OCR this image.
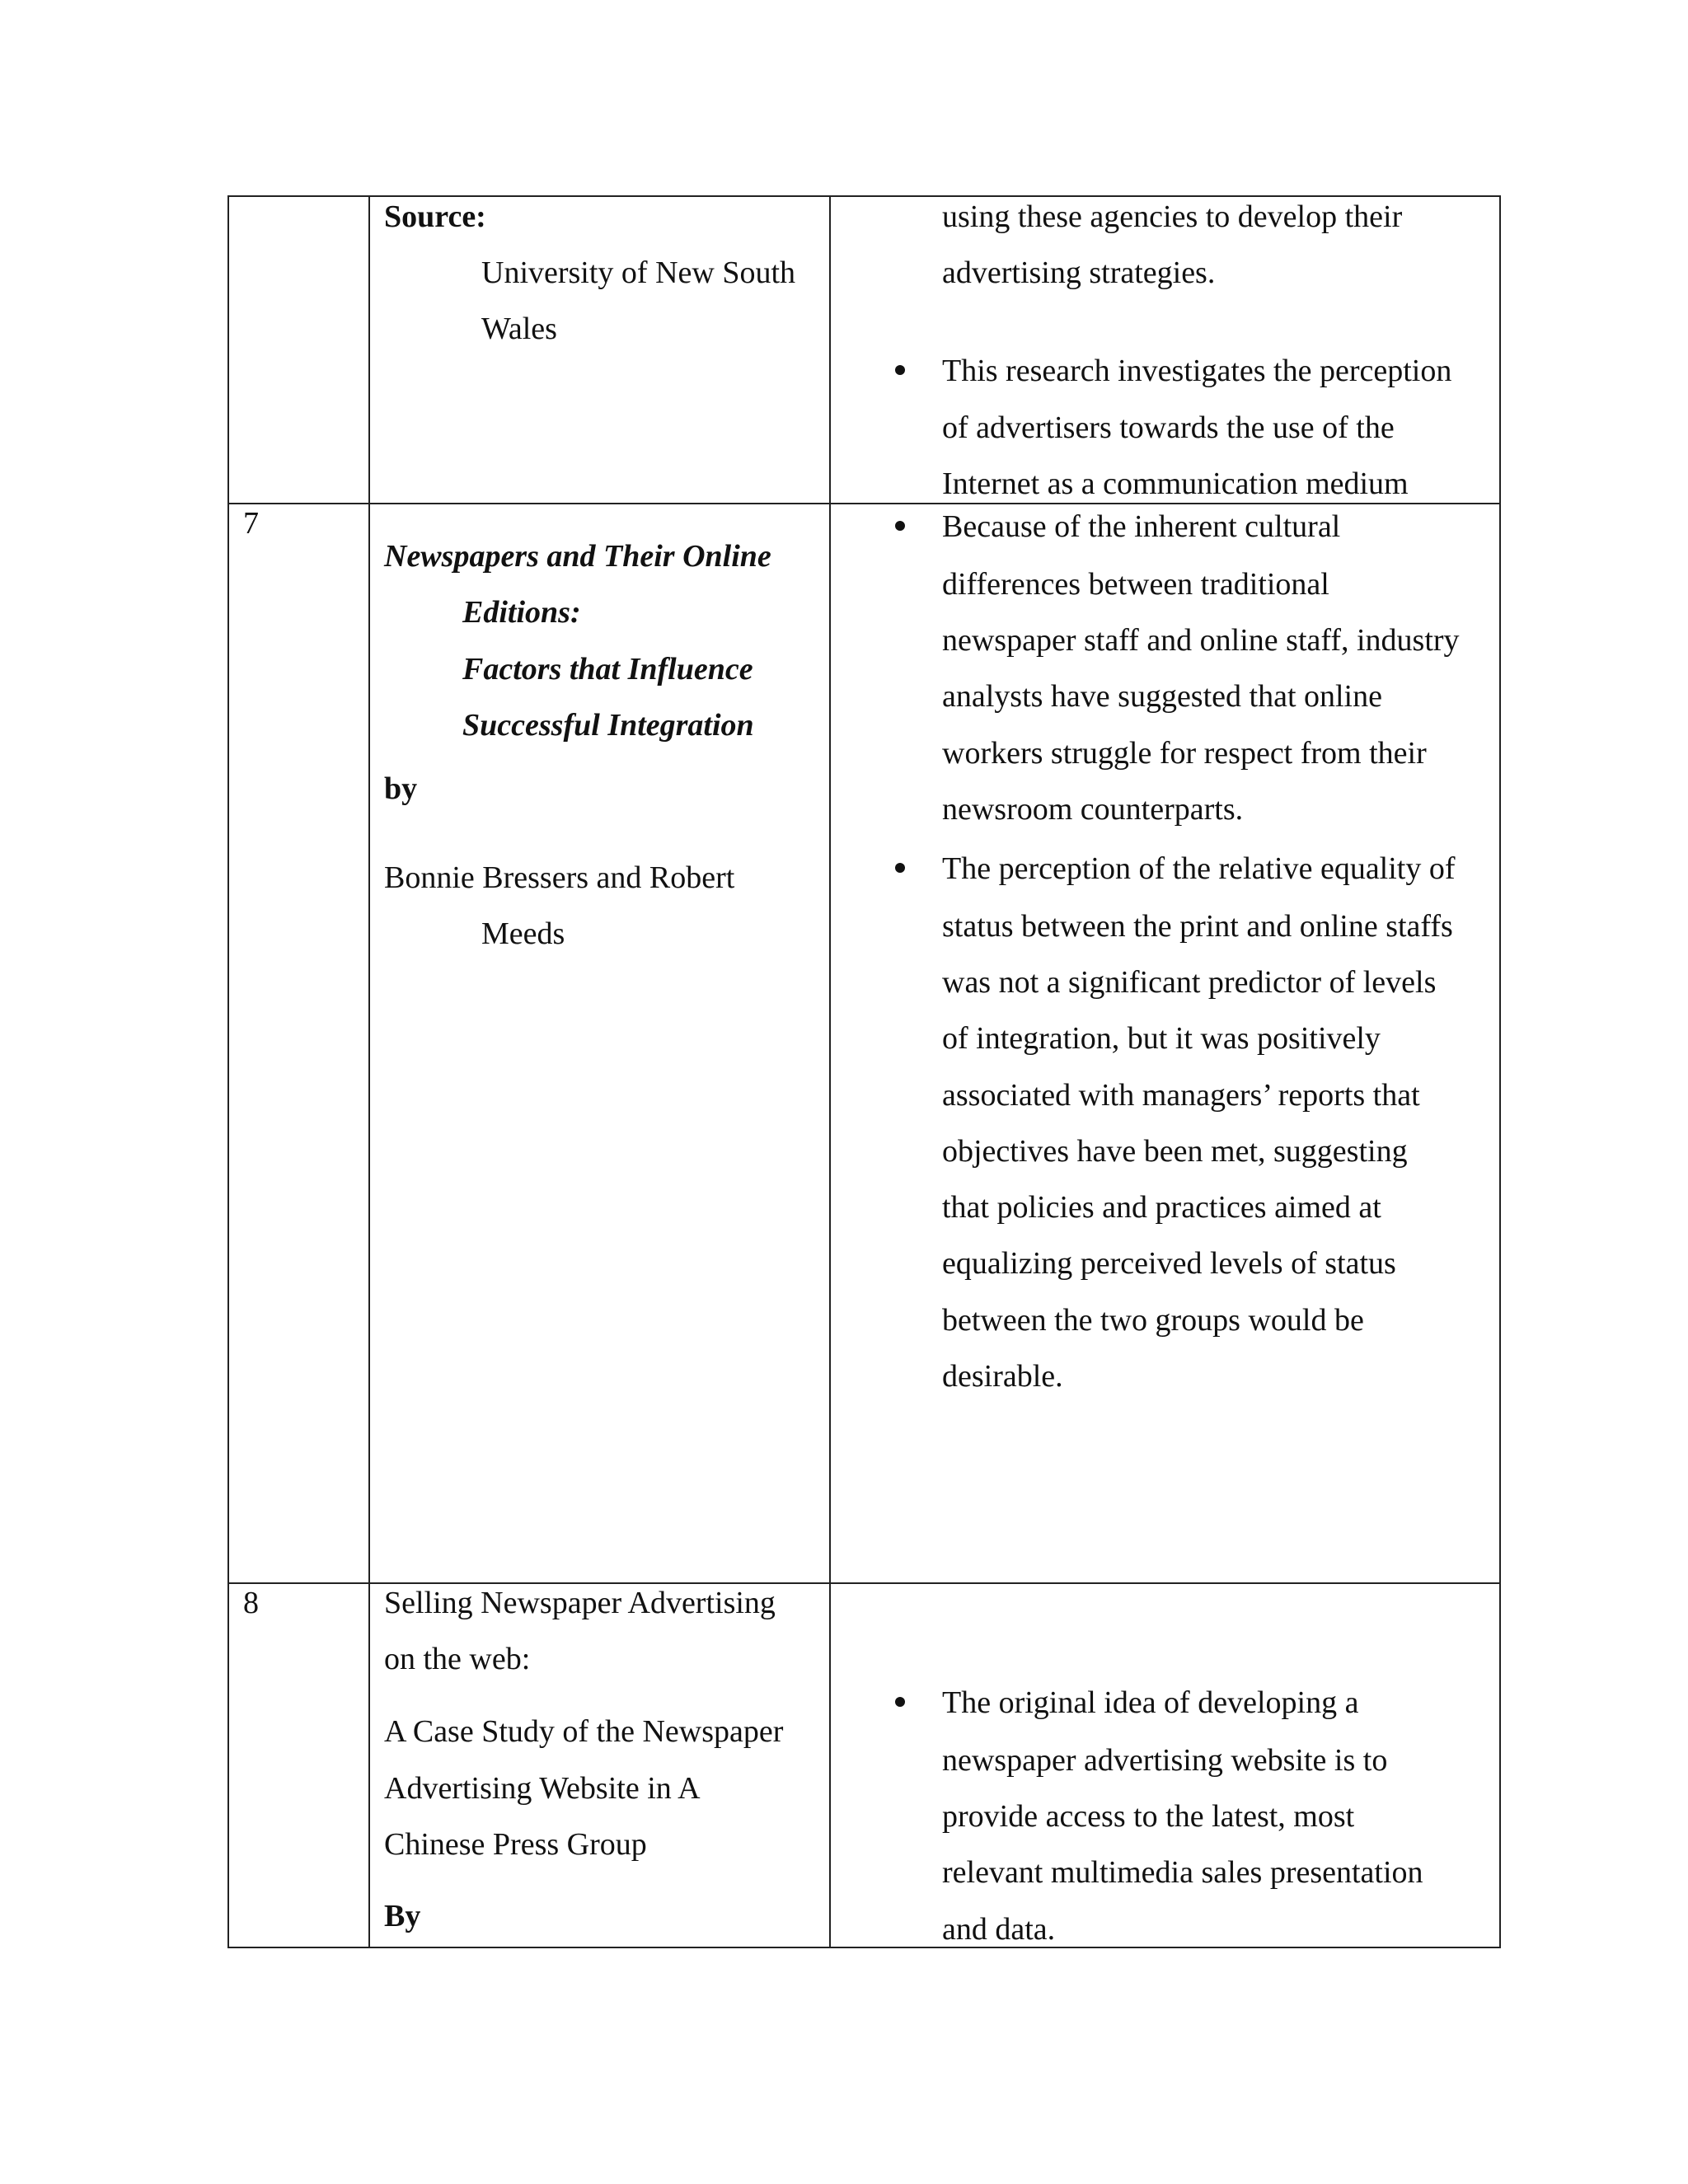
Source:
University of New South
Wales
using these agencies to develop their
advertising strategies.
This research investigates the perception
of advertisers towards the use of the
Internet as a communication medium
7
Newspapers and Their Online
Editions:
Factors that Influence
Successful Integration
by
Bonnie Bressers and Robert
Meeds
Because of the inherent cultural
differences between traditional
newspaper staff and online staff, industry
analysts have suggested that online
workers struggle for respect from their
newsroom counterparts.
The perception of the relative equality of
status between the print and online staffs
was not a significant predictor of levels
of integration, but it was positively
associated with managers’ reports that
objectives have been met, suggesting
that policies and practices aimed at
equalizing perceived levels of status
between the two groups would be
desirable.
8	Selling Newspaper Advertising
on the web:
A Case Study of the Newspaper
Advertising Website in A
Chinese Press Group
By
The original idea of developing a
newspaper advertising website is to
provide access to the latest, most
relevant multimedia sales presentation
and data.
